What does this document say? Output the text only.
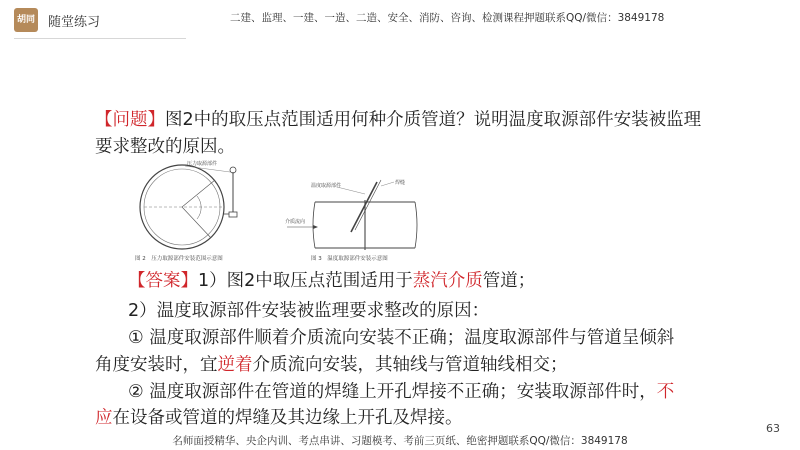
胡同 随堂练习	二建、监理、一建、一造、二造、安全、消防、咨询、检测课程押题联系QQ/微信：3849178
【问题】图2中的取压点范围适用何种介质管道？说明温度取源部件安装被监理要求整改的原因。
压力取源部件
图 2　压力取源部件安装范围示意图
介质流向
温度取源部件	焊缝
图 3　温度取源部件安装示意图
【答案】1）图2中取压点范围适用于蒸汽介质管道；
2）温度取源部件安装被监理要求整改的原因：
① 温度取源部件顺着介质流向安装不正确；温度取源部件与管道呈倾斜
角度安装时，宜逆着介质流向安装，其轴线与管道轴线相交；
② 温度取源部件在管道的焊缝上开孔焊接不正确；安装取源部件时，不
应在设备或管道的焊缝及其边缘上开孔及焊接。
名师面授精华、央企内训、考点串讲、习题模考、考前三页纸、绝密押题联系QQ/微信：3849178
63
